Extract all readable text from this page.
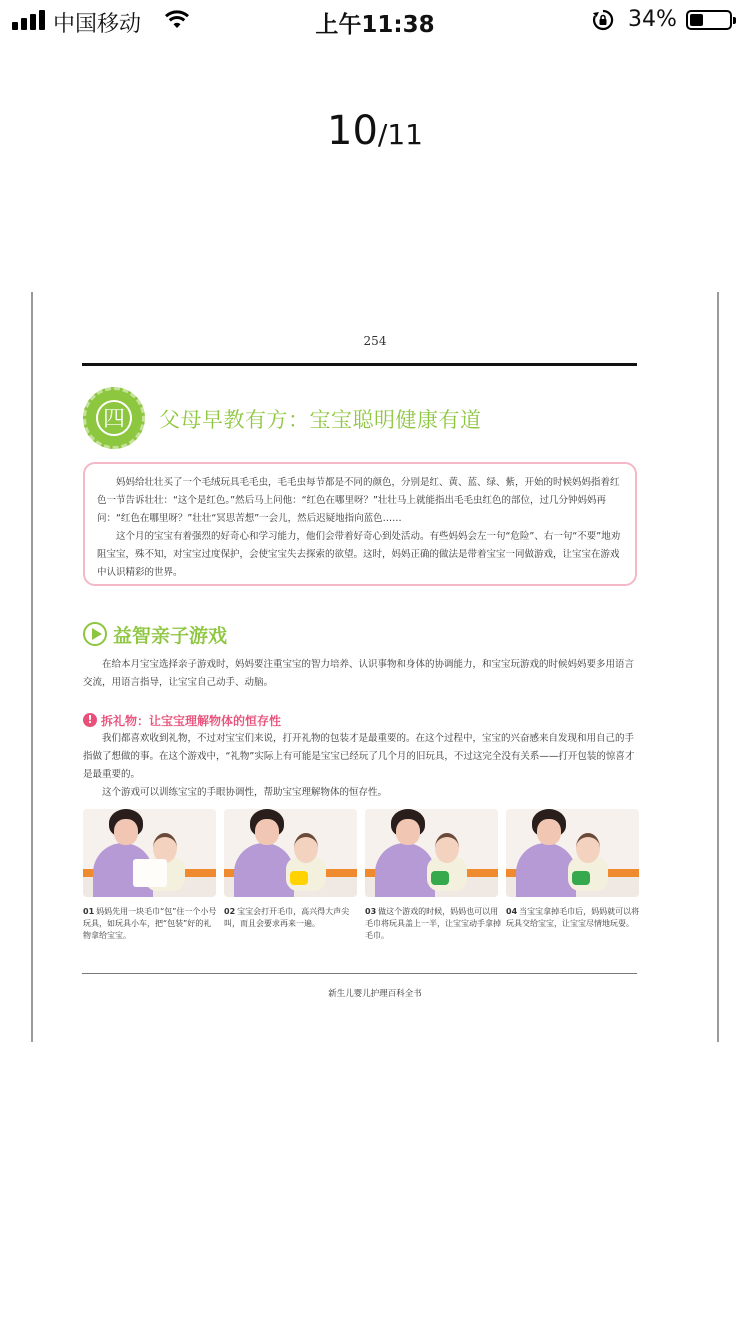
中国移动	上午11:38	34%
10/11
254
四	父母早教有方：宝宝聪明健康有道

妈妈给壮壮买了一个毛绒玩具毛毛虫，毛毛虫每节都是不同的颜色，分别是红、黄、蓝、绿、紫，开始的时候妈妈指着红色一节告诉壮壮：“这个是红色。”然后马上问他：“红色在哪里呀？”壮壮马上就能指出毛毛虫红色的部位，过几分钟妈妈再问：“红色在哪里呀？”壮壮“冥思苦想”一会儿，然后迟疑地指向蓝色……

这个月的宝宝有着强烈的好奇心和学习能力，他们会带着好奇心到处活动。有些妈妈会左一句“危险”、右一句“不要”地劝阻宝宝，殊不知，对宝宝过度保护，会使宝宝失去探索的欲望。这时，妈妈正确的做法是带着宝宝一同做游戏，让宝宝在游戏中认识精彩的世界。

益智亲子游戏

在给本月宝宝选择亲子游戏时，妈妈要注重宝宝的智力培养、认识事物和身体的协调能力，和宝宝玩游戏的时候妈妈要多用语言交流，用语言指导，让宝宝自己动手、动脑。

! 拆礼物：让宝宝理解物体的恒存性

我们都喜欢收到礼物，不过对宝宝们来说，打开礼物的包装才是最重要的。在这个过程中，宝宝的兴奋感来自发现和用自己的手指做了想做的事。在这个游戏中，“礼物”实际上有可能是宝宝已经玩了几个月的旧玩具，不过这完全没有关系——打开包装的惊喜才是最重要的。

这个游戏可以训练宝宝的手眼协调性，帮助宝宝理解物体的恒存性。

01 妈妈先用一块毛巾“包”住一个小号玩具，如玩具小车，把“包装”好的礼物拿给宝宝。
02 宝宝会打开毛巾，高兴得大声尖叫，而且会要求再来一遍。
03 做这个游戏的时候，妈妈也可以用毛巾将玩具盖上一半，让宝宝动手拿掉毛巾。
04 当宝宝拿掉毛巾后，妈妈就可以将玩具交给宝宝，让宝宝尽情地玩耍。
新生儿婴儿护理百科全书
